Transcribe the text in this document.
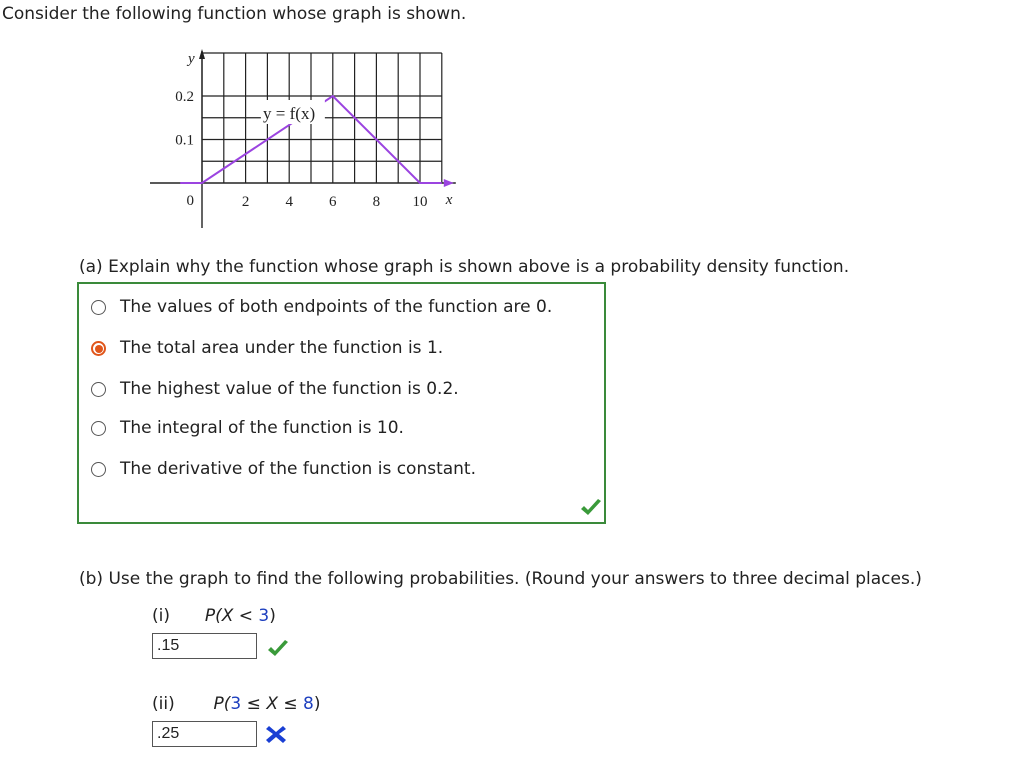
Consider the following function whose graph is shown.
0.2
0.1
0	2 4 6 8 10
y
x
y = f(x)
(a) Explain why the function whose graph is shown above is a probability density function.
The values of both endpoints of the function are 0.
The total area under the function is 1.
The highest value of the function is 0.2.
The integral of the function is 10.
The derivative of the function is constant.
(b) Use the graph to find the following probabilities. (Round your answers to three decimal places.)
(i) P(X < 3)
.15
(ii) P(3 ≤ X ≤ 8)
.25
